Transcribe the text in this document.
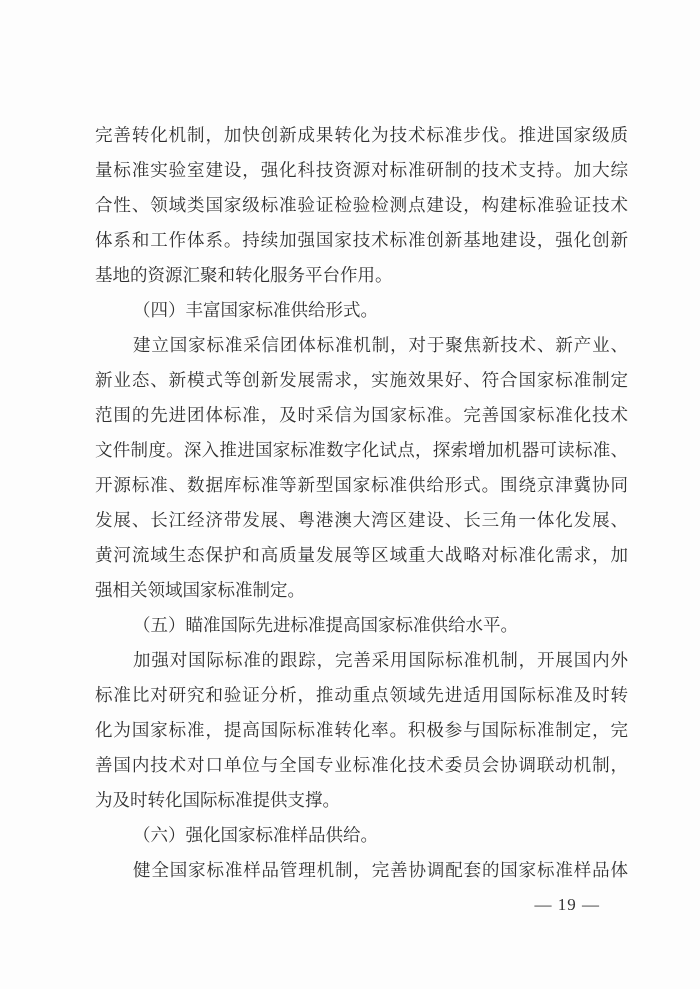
完善转化机制，加快创新成果转化为技术标准步伐。推进国家级质
量标准实验室建设，强化科技资源对标准研制的技术支持。加大综
合性、领域类国家级标准验证检验检测点建设，构建标准验证技术
体系和工作体系。持续加强国家技术标准创新基地建设，强化创新
基地的资源汇聚和转化服务平台作用。
（四）丰富国家标准供给形式。
建立国家标准采信团体标准机制，对于聚焦新技术、新产业、
新业态、新模式等创新发展需求，实施效果好、符合国家标准制定
范围的先进团体标准，及时采信为国家标准。完善国家标准化技术
文件制度。深入推进国家标准数字化试点，探索增加机器可读标准、
开源标准、数据库标准等新型国家标准供给形式。围绕京津冀协同
发展、长江经济带发展、粤港澳大湾区建设、长三角一体化发展、
黄河流域生态保护和高质量发展等区域重大战略对标准化需求，加
强相关领域国家标准制定。
（五）瞄准国际先进标准提高国家标准供给水平。
加强对国际标准的跟踪，完善采用国际标准机制，开展国内外
标准比对研究和验证分析，推动重点领域先进适用国际标准及时转
化为国家标准，提高国际标准转化率。积极参与国际标准制定，完
善国内技术对口单位与全国专业标准化技术委员会协调联动机制，
为及时转化国际标准提供支撑。
（六）强化国家标准样品供给。
健全国家标准样品管理机制，完善协调配套的国家标准样品体
— 19 —
